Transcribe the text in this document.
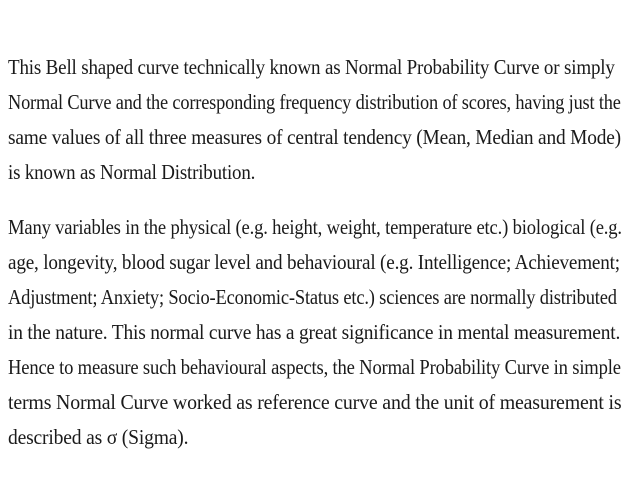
This Bell shaped curve technically known as Normal Probability Curve or simply
Normal Curve and the corresponding frequency distribution of scores, having just the
same values of all three measures of central tendency (Mean, Median and Mode)
is known as Normal Distribution.
Many variables in the physical (e.g. height, weight, temperature etc.) biological (e.g.
age, longevity, blood sugar level and behavioural (e.g. Intelligence; Achievement;
Adjustment; Anxiety; Socio-Economic-Status etc.) sciences are normally distributed
in the nature. This normal curve has a great significance in mental measurement.
Hence to measure such behavioural aspects, the Normal Probability Curve in simple
terms Normal Curve worked as reference curve and the unit of measurement is
described as σ (Sigma).
